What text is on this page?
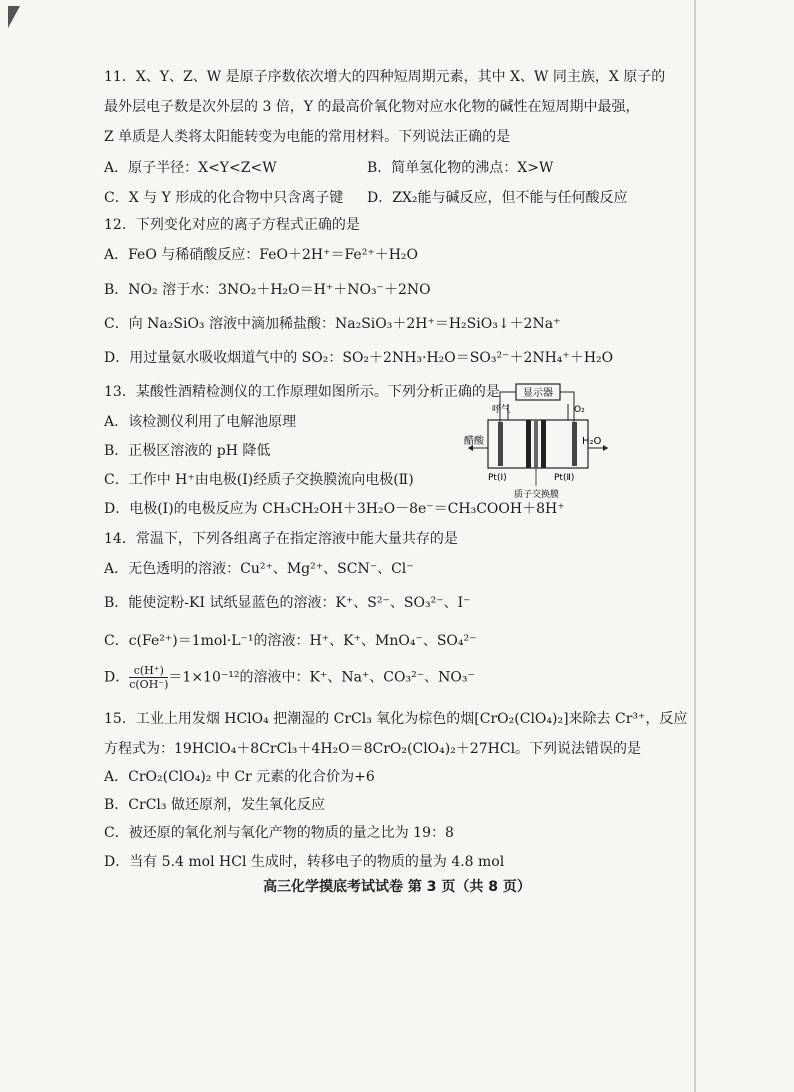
11．X、Y、Z、W 是原子序数依次增大的四种短周期元素，其中 X、W 同主族，X 原子的
最外层电子数是次外层的 3 倍，Y 的最高价氧化物对应水化物的碱性在短周期中最强，
Z 单质是人类将太阳能转变为电能的常用材料。下列说法正确的是
A．原子半径：X<Y<Z<W	B．简单氢化物的沸点：X>W
C．X 与 Y 形成的化合物中只含离子键 D．ZX₂能与碱反应，但不能与任何酸反应
12．下列变化对应的离子方程式正确的是
A．FeO 与稀硝酸反应：FeO＋2H⁺＝Fe²⁺＋H₂O
B．NO₂ 溶于水：3NO₂＋H₂O＝H⁺＋NO₃⁻＋2NO
C．向 Na₂SiO₃ 溶液中滴加稀盐酸：Na₂SiO₃＋2H⁺＝H₂SiO₃↓＋2Na⁺
D．用过量氨水吸收烟道气中的 SO₂：SO₂＋2NH₃·H₂O＝SO₃²⁻＋2NH₄⁺＋H₂O
13．某酸性酒精检测仪的工作原理如图所示。下列分析正确的是
A．该检测仪利用了电解池原理
B．正极区溶液的 pH 降低
C．工作中 H⁺由电极(Ⅰ)经质子交换膜流向电极(Ⅱ)
D．电极(Ⅰ)的电极反应为 CH₃CH₂OH＋3H₂O－8e⁻＝CH₃COOH＋8H⁺
显示器
呼气	O₂
醋酸	H₂O
Pt(Ⅰ)	Pt(Ⅱ)
质子交换膜
14．常温下，下列各组离子在指定溶液中能大量共存的是
A．无色透明的溶液：Cu²⁺、Mg²⁺、SCN⁻、Cl⁻
B．能使淀粉-KI 试纸显蓝色的溶液：K⁺、S²⁻、SO₃²⁻、I⁻
C．c(Fe²⁺)＝1mol·L⁻¹的溶液：H⁺、K⁺、MnO₄⁻、SO₄²⁻
D． $\frac{c(H^+)}{c(OH^-)} =1\times 10^{-12}$的溶液中：K⁺、Na⁺、CO₃²⁻、NO₃⁻
15．工业上用发烟 HClO₄ 把潮湿的 CrCl₃ 氧化为棕色的烟[CrO₂(ClO₄)₂]来除去 Cr³⁺，反应
方程式为：19HClO₄＋8CrCl₃＋4H₂O＝8CrO₂(ClO₄)₂＋27HCl。下列说法错误的是
A．CrO₂(ClO₄)₂ 中 Cr 元素的化合价为+6
B．CrCl₃ 做还原剂，发生氧化反应
C．被还原的氧化剂与氧化产物的物质的量之比为 19：8
D．当有 5.4 mol HCl 生成时，转移电子的物质的量为 4.8 mol
高三化学摸底考试试卷 第 3 页（共 8 页）
